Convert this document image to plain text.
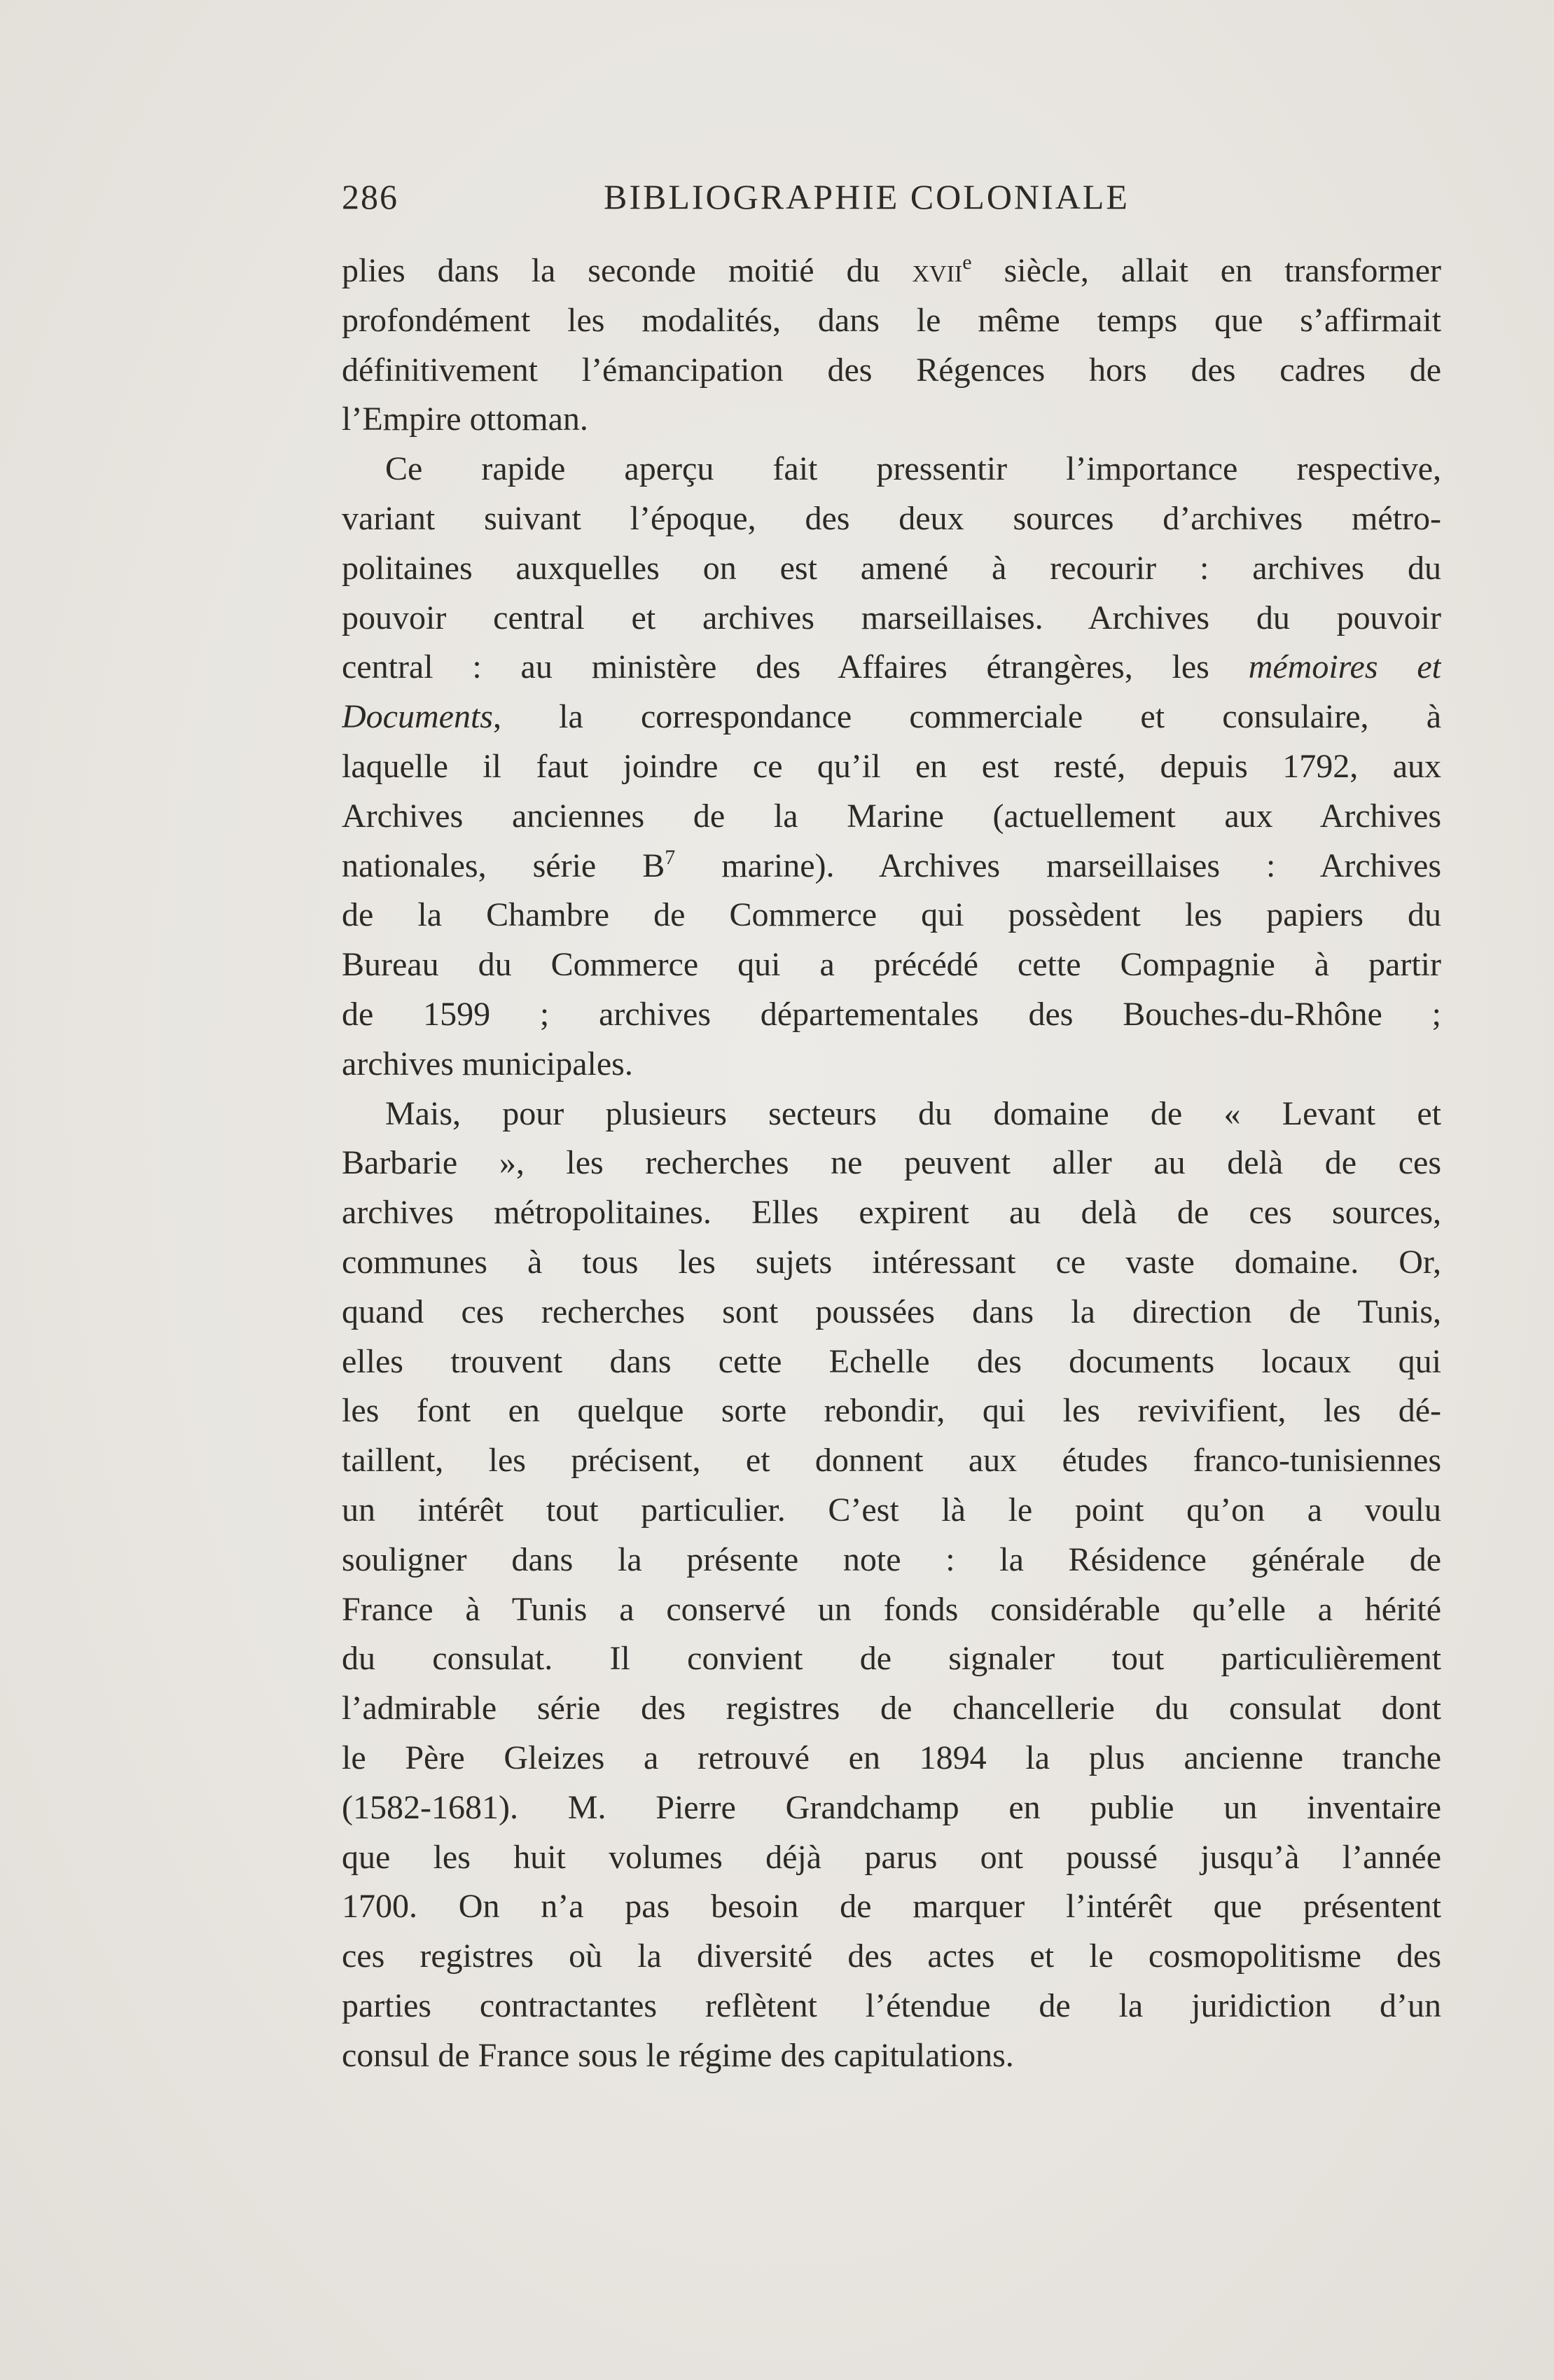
286	BIBLIOGRAPHIE COLONIALE
plies dans la seconde moitié du xvii$^e$ siècle, allait en transformer
profondément les modalités, dans le même temps que s’affirmait
définitivement l’émancipation des Régences hors des cadres de
l’Empire ottoman.
Ce rapide aperçu fait pressentir l’importance respective,
variant suivant l’époque, des deux sources d’archives métro-
politaines auxquelles on est amené à recourir : archives du
pouvoir central et archives marseillaises. Archives du pouvoir
central : au ministère des Affaires étrangères, les mémoires et
Documents, la correspondance commerciale et consulaire, à
laquelle il faut joindre ce qu’il en est resté, depuis 1792, aux
Archives anciennes de la Marine (actuellement aux Archives
nationales, série $B^7$ marine). Archives marseillaises : Archives
de la Chambre de Commerce qui possèdent les papiers du
Bureau du Commerce qui a précédé cette Compagnie à partir
de 1599 ; archives départementales des Bouches-du-Rhône ;
archives municipales.
Mais, pour plusieurs secteurs du domaine de « Levant et
Barbarie », les recherches ne peuvent aller au delà de ces
archives métropolitaines. Elles expirent au delà de ces sources,
communes à tous les sujets intéressant ce vaste domaine. Or,
quand ces recherches sont poussées dans la direction de Tunis,
elles trouvent dans cette Echelle des documents locaux qui
les font en quelque sorte rebondir, qui les revivifient, les dé-
taillent, les précisent, et donnent aux études franco-tunisiennes
un intérêt tout particulier. C’est là le point qu’on a voulu
souligner dans la présente note : la Résidence générale de
France à Tunis a conservé un fonds considérable qu’elle a hérité
du consulat. Il convient de signaler tout particulièrement
l’admirable série des registres de chancellerie du consulat dont
le Père Gleizes a retrouvé en 1894 la plus ancienne tranche
(1582-1681). M. Pierre Grandchamp en publie un inventaire
que les huit volumes déjà parus ont poussé jusqu’à l’année
1700. On n’a pas besoin de marquer l’intérêt que présentent
ces registres où la diversité des actes et le cosmopolitisme des
parties contractantes reflètent l’étendue de la juridiction d’un
consul de France sous le régime des capitulations.
